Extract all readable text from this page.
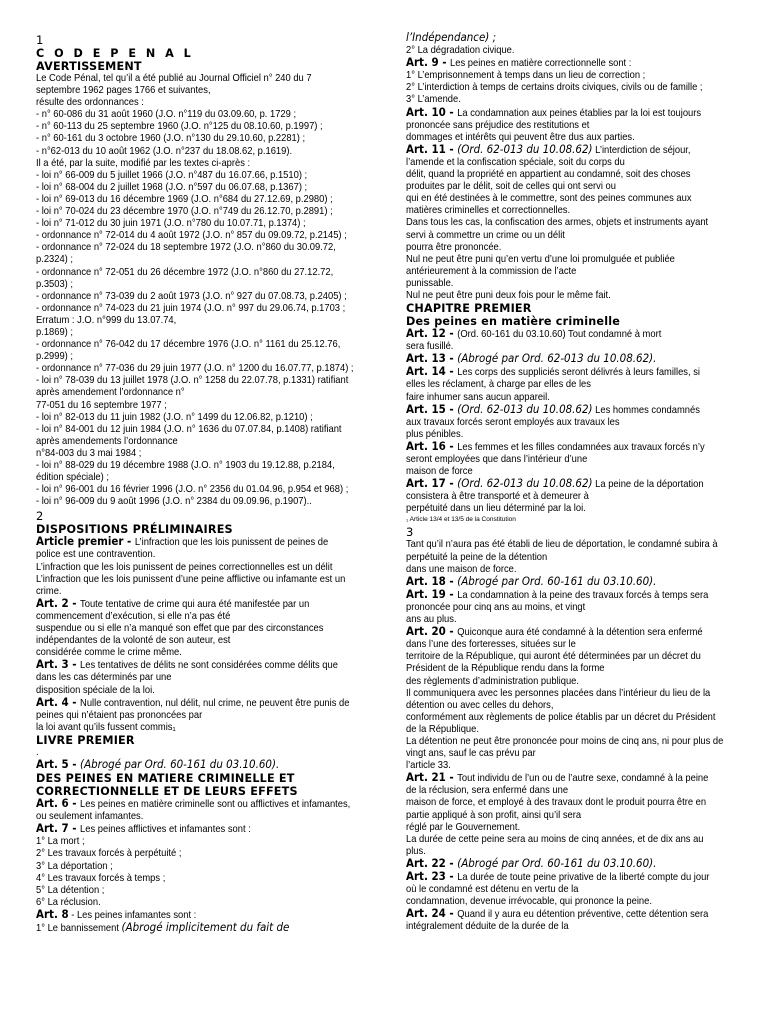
1
C O D E P E N A L
AVERTISSEMENT
Le Code Pénal, tel qu’il a été publié au Journal Officiel n° 240 du 7
septembre 1962 pages 1766 et suivantes,
résulte des ordonnances :
- n° 60-086 du 31 août 1960 (J.O. n°119 du 03.09.60, p. 1729 ;
- n° 60-113 du 25 septembre 1960 (J.O. n°125 du 08.10.60, p.1997) ;
- n° 60-161 du 3 octobre 1960 (J.O. n°130 du 29.10.60, p.2281) ;
- n°62-013 du 10 août 1962 (J.O. n°237 du 18.08.62, p.1619).
Il a été, par la suite, modifié par les textes ci-après :
- loi n° 66-009 du 5 juillet 1966 (J.O. n°487 du 16.07.66, p.1510) ;
- loi n° 68-004 du 2 juillet 1968 (J.O. n°597 du 06.07.68, p.1367) ;
- loi n° 69-013 du 16 décembre 1969 (J.O. n°684 du 27.12.69, p.2980) ;
- loi n° 70-024 du 23 décembre 1970 (J.O. n°749 du 26.12.70, p.2891) ;
- loi n° 71-012 du 30 juin 1971 (J.O. n°780 du 10.07.71, p.1374) ;
- ordonnance n° 72-014 du 4 août 1972 (J.O. n° 857 du 09.09.72, p.2145) ;
- ordonnance n° 72-024 du 18 septembre 1972 (J.O. n°860 du 30.09.72,
p.2324) ;
- ordonnance n° 72-051 du 26 décembre 1972 (J.O. n°860 du 27.12.72,
p.3503) ;
- ordonnance n° 73-039 du 2 août 1973 (J.O. n° 927 du 07.08.73, p.2405) ;
- ordonnance n° 74-023 du 21 juin 1974 (J.O. n° 997 du 29.06.74, p.1703 ;
Erratum : J.O. n°999 du 13.07.74,
p.1869) ;
- ordonnance n° 76-042 du 17 décembre 1976 (J.O. n° 1161 du 25.12.76,
p.2999) ;
- ordonnance n° 77-036 du 29 juin 1977 (J.O. n° 1200 du 16.07.77, p.1874) ;
- loi n° 78-039 du 13 juillet 1978 (J.O. n° 1258 du 22.07.78, p.1331) ratifiant
après amendement l’ordonnance n°
77-051 du 16 septembre 1977 ;
- loi n° 82-013 du 11 juin 1982 (J.O. n° 1499 du 12.06.82, p.1210) ;
- loi n° 84-001 du 12 juin 1984 (J.O. n° 1636 du 07.07.84, p.1408) ratifiant
après amendements l’ordonnance
n°84-003 du 3 mai 1984 ;
- loi n° 88-029 du 19 décembre 1988 (J.O. n° 1903 du 19.12.88, p.2184,
édition spéciale) ;
- loi n° 96-001 du 16 février 1996 (J.O. n° 2356 du 01.04.96, p.954 et 968) ;
- loi n° 96-009 du 9 août 1996 (J.O. n° 2384 du 09.09.96, p.1907)..
2
DISPOSITIONS PRÉLIMINAIRES
Article premier - L’infraction que les lois punissent de peines de
police est une contravention.
L’infraction que les lois punissent de peines correctionnelles est un délit
L’infraction que les lois punissent d’une peine afflictive ou infamante est un
crime.
Art. 2 - Toute tentative de crime qui aura été manifestée par un
commencement d’exécution, si elle n’a pas été
suspendue ou si elle n’a manqué son effet que par des circonstances
indépendantes de la volonté de son auteur, est
considérée comme le crime même.
Art. 3 - Les tentatives de délits ne sont considérées comme délits que
dans les cas déterminés par une
disposition spéciale de la loi.
Art. 4 - Nulle contravention, nul délit, nul crime, ne peuvent être punis de
peines qui n’étaient pas prononcées par
la loi avant qu’ils fussent commis₁
LIVRE PREMIER
.
Art. 5 - (Abrogé par Ord. 60-161 du 03.10.60).
DES PEINES EN MATIERE CRIMINELLE ET
CORRECTIONNELLE ET DE LEURS EFFETS
Art. 6 - Les peines en matière criminelle sont ou afflictives et infamantes,
ou seulement infamantes.
Art. 7 - Les peines afflictives et infamantes sont :
1° La mort ;
2° Les travaux forcés à perpétuité ;
3° La déportation ;
4° Les travaux forcés à temps ;
5° La détention ;
6° La réclusion.
Art. 8 - Les peines infamantes sont :
1° Le bannissement (Abrogé implicitement du fait de
l’Indépendance) ;
2° La dégradation civique.
Art. 9 - Les peines en matière correctionnelle sont :
1° L’emprisonnement à temps dans un lieu de correction ;
2° L’interdiction à temps de certains droits civiques, civils ou de famille ;
3° L’amende.
Art. 10 - La condamnation aux peines établies par la loi est toujours
prononcée sans préjudice des restitutions et
dommages et intérêts qui peuvent être dus aux parties.
Art. 11 - (Ord. 62-013 du 10.08.62) L’interdiction de séjour,
l’amende et la confiscation spéciale, soit du corps du
délit, quand la propriété en appartient au condamné, soit des choses
produites par le délit, soit de celles qui ont servi ou
qui en été destinées à le commettre, sont des peines communes aux
matières criminelles et correctionnelles.
Dans tous les cas, la confiscation des armes, objets et instruments ayant
servi à commettre un crime ou un délit
pourra être prononcée.
Nul ne peut être puni qu’en vertu d’une loi promulguée et publiée
antérieurement à la commission de l’acte
punissable.
Nul ne peut être puni deux fois pour le même fait.
CHAPITRE PREMIER
Des peines en matière criminelle
Art. 12 - (Ord. 60-161 du 03.10.60) Tout condamné à mort
sera fusillé.
Art. 13 - (Abrogé par Ord. 62-013 du 10.08.62).
Art. 14 - Les corps des suppliciés seront délivrés à leurs familles, si
elles les réclament, à charge par elles de les
faire inhumer sans aucun appareil.
Art. 15 - (Ord. 62-013 du 10.08.62) Les hommes condamnés
aux travaux forcés seront employés aux travaux les
plus pénibles.
Art. 16 - Les femmes et les filles condamnées aux travaux forcés n’y
seront employées que dans l’intérieur d’une
maison de force
Art. 17 - (Ord. 62-013 du 10.08.62) La peine de la déportation
consistera à être transporté et à demeurer à
perpétuité dans un lieu déterminé par la loi.
₁ Article 13/4 et 13/5 de la Constitution
3
Tant qu’il n’aura pas été établi de lieu de déportation, le condamné subira à
perpétuité la peine de la détention
dans une maison de force.
Art. 18 - (Abrogé par Ord. 60-161 du 03.10.60).
Art. 19 - La condamnation à la peine des travaux forcés à temps sera
prononcée pour cinq ans au moins, et vingt
ans au plus.
Art. 20 - Quiconque aura été condamné à la détention sera enfermé
dans l’une des forteresses, situées sur le
territoire de la République, qui auront été déterminées par un décret du
Président de la République rendu dans la forme
des règlements d’administration publique.
Il communiquera avec les personnes placées dans l’intérieur du lieu de la
détention ou avec celles du dehors,
conformément aux règlements de police établis par un décret du Président
de la République.
La détention ne peut être prononcée pour moins de cinq ans, ni pour plus de
vingt ans, sauf le cas prévu par
l’article 33.
Art. 21 - Tout individu de l’un ou de l’autre sexe, condamné à la peine
de la réclusion, sera enfermé dans une
maison de force, et employé à des travaux dont le produit pourra être en
partie appliqué à son profit, ainsi qu’il sera
réglé par le Gouvernement.
La durée de cette peine sera au moins de cinq années, et de dix ans au
plus.
Art. 22 - (Abrogé par Ord. 60-161 du 03.10.60).
Art. 23 - La durée de toute peine privative de la liberté compte du jour
où le condamné est détenu en vertu de la
condamnation, devenue irrévocable, qui prononce la peine.
Art. 24 - Quand il y aura eu détention préventive, cette détention sera
intégralement déduite de la durée de la
